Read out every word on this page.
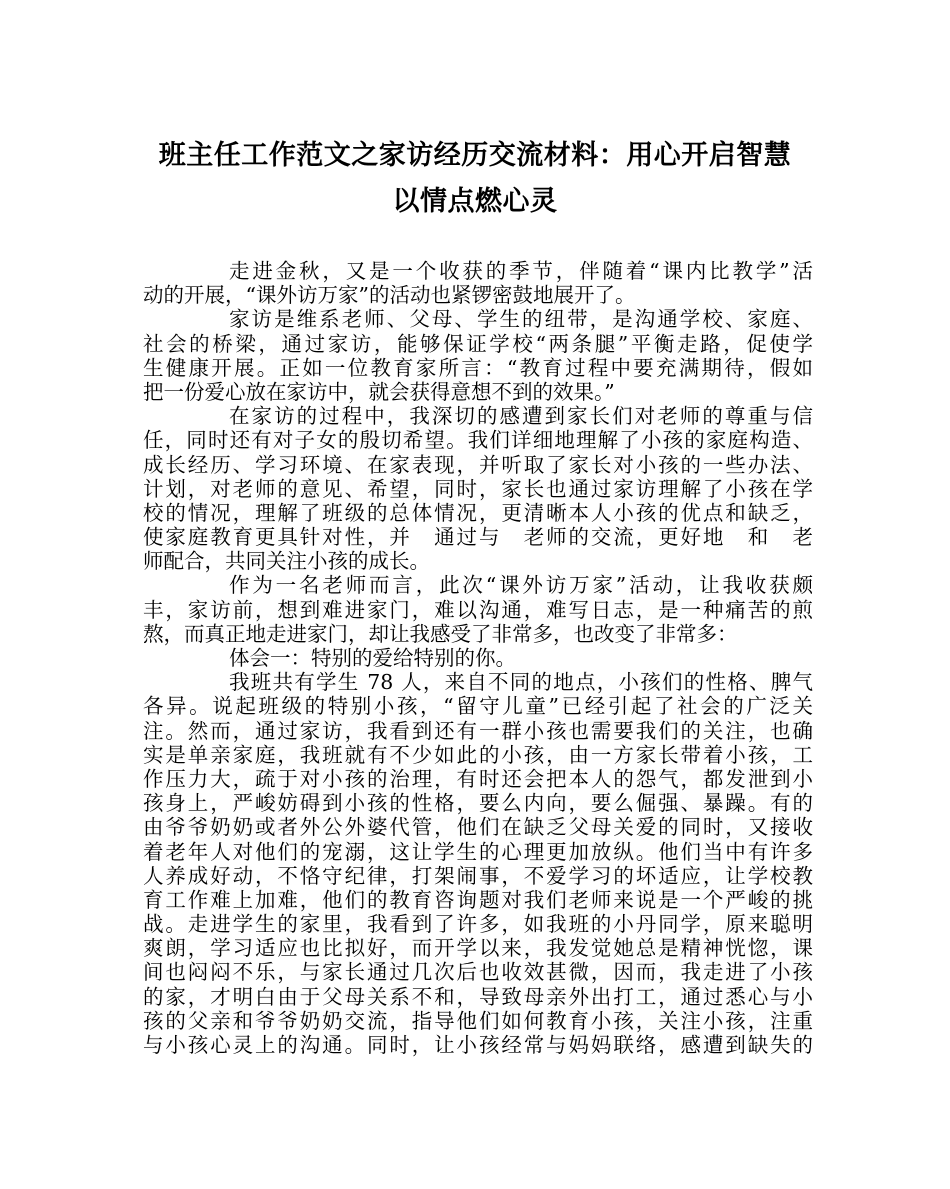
班主任工作范文之家访经历交流材料：用心开启智慧
以情点燃心灵
走进金秋，又是一个收获的季节，伴随着“课内比教学”活
动的开展，“课外访万家”的活动也紧锣密鼓地展开了。
家访是维系老师、父母、学生的纽带，是沟通学校、家庭、
社会的桥梁，通过家访，能够保证学校“两条腿”平衡走路，促使学
生健康开展。正如一位教育家所言：“教育过程中要充满期待，假如
把一份爱心放在家访中，就会获得意想不到的效果。”
在家访的过程中，我深切的感遭到家长们对老师的尊重与信
任，同时还有对子女的殷切希望。我们详细地理解了小孩的家庭构造、
成长经历、学习环境、在家表现，并听取了家长对小孩的一些办法、
计划，对老师的意见、希望，同时，家长也通过家访理解了小孩在学
校的情况，理解了班级的总体情况，更清晰本人小孩的优点和缺乏，
使家庭教育更具针对性，并　通过与　老师的交流，更好地　和　老
师配合，共同关注小孩的成长。
作为一名老师而言，此次“课外访万家”活动，让我收获颇
丰，家访前，想到难进家门，难以沟通，难写日志，是一种痛苦的煎
熬，而真正地走进家门，却让我感受了非常多，也改变了非常多：
体会一：特别的爱给特别的你。
我班共有学生 78 人，来自不同的地点，小孩们的性格、脾气
各异。说起班级的特别小孩，“留守儿童”已经引起了社会的广泛关
注。然而，通过家访，我看到还有一群小孩也需要我们的关注，也确
实是单亲家庭，我班就有不少如此的小孩，由一方家长带着小孩，工
作压力大，疏于对小孩的治理，有时还会把本人的怨气，都发泄到小
孩身上，严峻妨碍到小孩的性格，要么内向，要么倔强、暴躁。有的
由爷爷奶奶或者外公外婆代管，他们在缺乏父母关爱的同时，又接收
着老年人对他们的宠溺，这让学生的心理更加放纵。他们当中有许多
人养成好动，不恪守纪律，打架闹事，不爱学习的坏适应，让学校教
育工作难上加难，他们的教育咨询题对我们老师来说是一个严峻的挑
战。走进学生的家里，我看到了许多，如我班的小丹同学，原来聪明
爽朗，学习适应也比拟好，而开学以来，我发觉她总是精神恍惚，课
间也闷闷不乐，与家长通过几次后也收效甚微，因而，我走进了小孩
的家，才明白由于父母关系不和，导致母亲外出打工，通过悉心与小
孩的父亲和爷爷奶奶交流，指导他们如何教育小孩，关注小孩，注重
与小孩心灵上的沟通。同时，让小孩经常与妈妈联络，感遭到缺失的
